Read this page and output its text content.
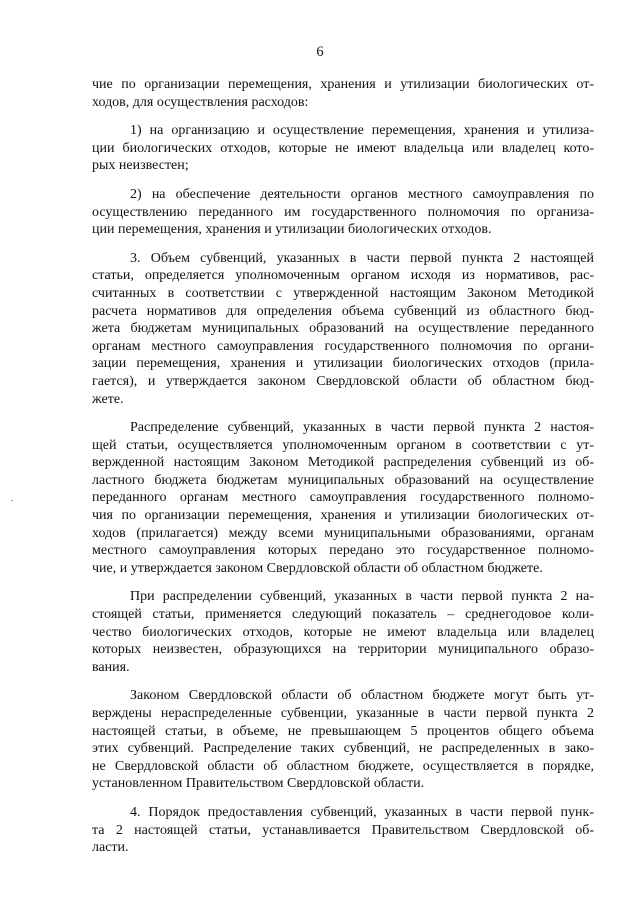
6
чие по организации перемещения, хранения и утилизации биологических от-
ходов, для осуществления расходов:
1) на организацию и осуществление перемещения, хранения и утилиза-
ции биологических отходов, которые не имеют владельца или владелец кото-
рых неизвестен;
2) на обеспечение деятельности органов местного самоуправления по
осуществлению переданного им государственного полномочия по организа-
ции перемещения, хранения и утилизации биологических отходов.
3. Объем субвенций, указанных в части первой пункта 2 настоящей
статьи, определяется уполномоченным органом исходя из нормативов, рас-
считанных в соответствии с утвержденной настоящим Законом Методикой
расчета нормативов для определения объема субвенций из областного бюд-
жета бюджетам муниципальных образований на осуществление переданного
органам местного самоуправления государственного полномочия по органи-
зации перемещения, хранения и утилизации биологических отходов (прила-
гается), и утверждается законом Свердловской области об областном бюд-
жете.
Распределение субвенций, указанных в части первой пункта 2 настоя-
щей статьи, осуществляется уполномоченным органом в соответствии с ут-
вержденной настоящим Законом Методикой распределения субвенций из об-
ластного бюджета бюджетам муниципальных образований на осуществление
переданного органам местного самоуправления государственного полномо-
чия по организации перемещения, хранения и утилизации биологических от-
ходов (прилагается) между всеми муниципальными образованиями, органам
местного самоуправления которых передано это государственное полномо-
чие, и утверждается законом Свердловской области об областном бюджете.
При распределении субвенций, указанных в части первой пункта 2 на-
стоящей статьи, применяется следующий показатель – среднегодовое коли-
чество биологических отходов, которые не имеют владельца или владелец
которых неизвестен, образующихся на территории муниципального образо-
вания.
Законом Свердловской области об областном бюджете могут быть ут-
верждены нераспределенные субвенции, указанные в части первой пункта 2
настоящей статьи, в объеме, не превышающем 5 процентов общего объема
этих субвенций. Распределение таких субвенций, не распределенных в зако-
не Свердловской области об областном бюджете, осуществляется в порядке,
установленном Правительством Свердловской области.
4. Порядок предоставления субвенций, указанных в части первой пунк-
та 2 настоящей статьи, устанавливается Правительством Свердловской об-
ласти.
·
